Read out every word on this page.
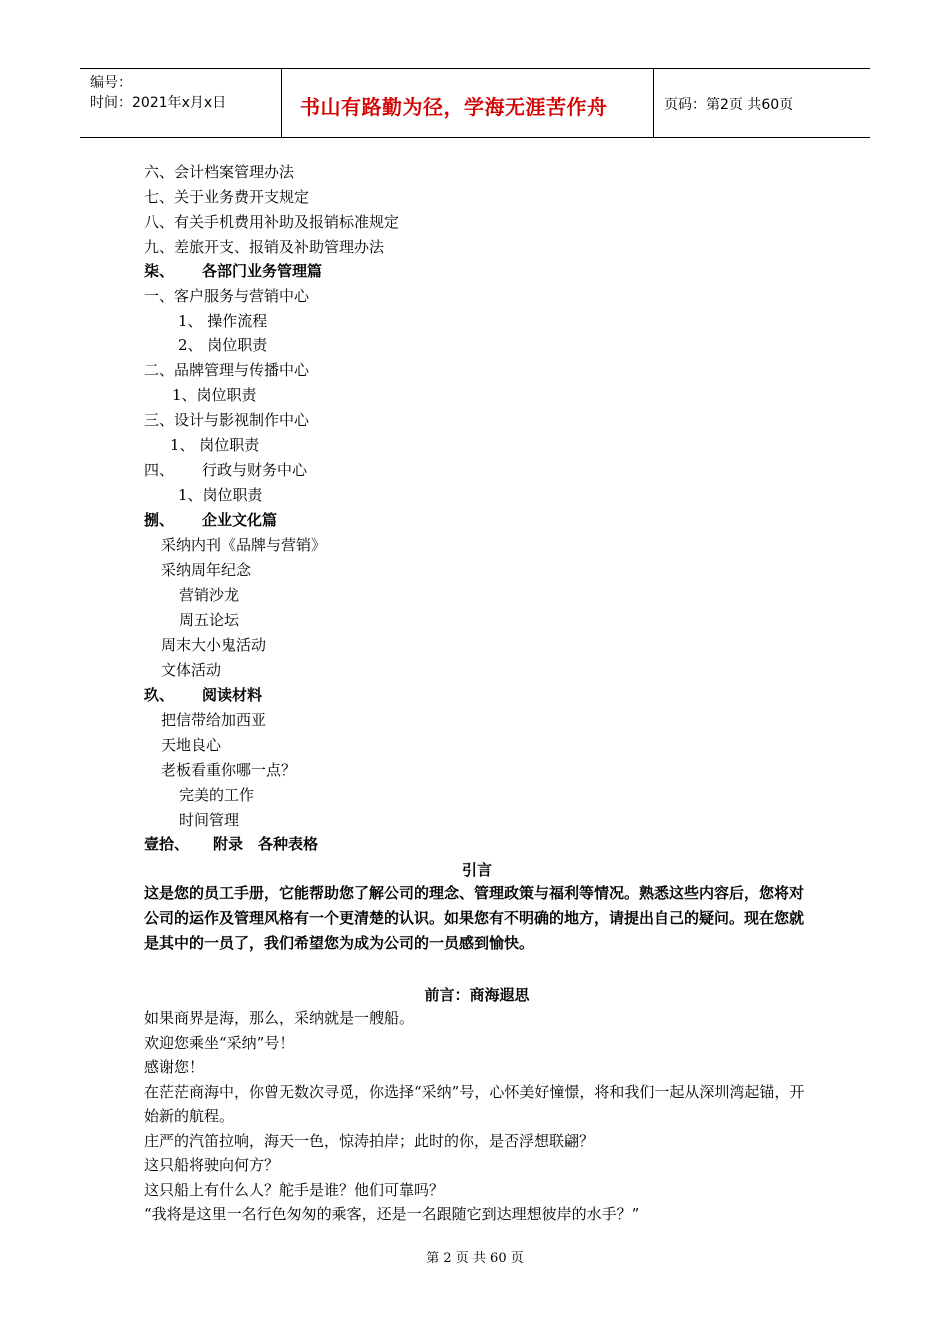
编号：
时间：2021年x月x日	书山有路勤为径，学海无涯苦作舟	页码：第2页 共60页
六、会计档案管理办法
七、关于业务费开支规定
八、有关手机费用补助及报销标准规定
九、差旅开支、报销及补助管理办法
柒、 各部门业务管理篇
一、客户服务与营销中心
1、 操作流程
2、 岗位职责
二、品牌管理与传播中心
1、岗位职责
三、设计与影视制作中心
1、 岗位职责
四、 行政与财务中心
1、岗位职责
捌、 企业文化篇
采纳内刊《品牌与营销》
采纳周年纪念
营销沙龙
周五论坛
周末大小鬼活动
文体活动
玖、 阅读材料
把信带给加西亚
天地良心
老板看重你哪一点？
完美的工作
时间管理
壹拾、 附录　各种表格
引言
这是您的员工手册，它能帮助您了解公司的理念、管理政策与福利等情况。熟悉这些内容后，您将对公司的运作及管理风格有一个更清楚的认识。如果您有不明确的地方，请提出自己的疑问。现在您就是其中的一员了，我们希望您为成为公司的一员感到愉快。
前言：商海遐思
如果商界是海，那么，采纳就是一艘船。
欢迎您乘坐“采纳”号！
感谢您！
在茫茫商海中，你曾无数次寻觅，你选择“采纳”号，心怀美好憧憬，将和我们一起从深圳湾起锚，开始新的航程。
庄严的汽笛拉响，海天一色，惊涛拍岸；此时的你，是否浮想联翩？
这只船将驶向何方？
这只船上有什么人？舵手是谁？他们可靠吗？
“我将是这里一名行色匆匆的乘客，还是一名跟随它到达理想彼岸的水手？”
第 2 页 共 60 页
